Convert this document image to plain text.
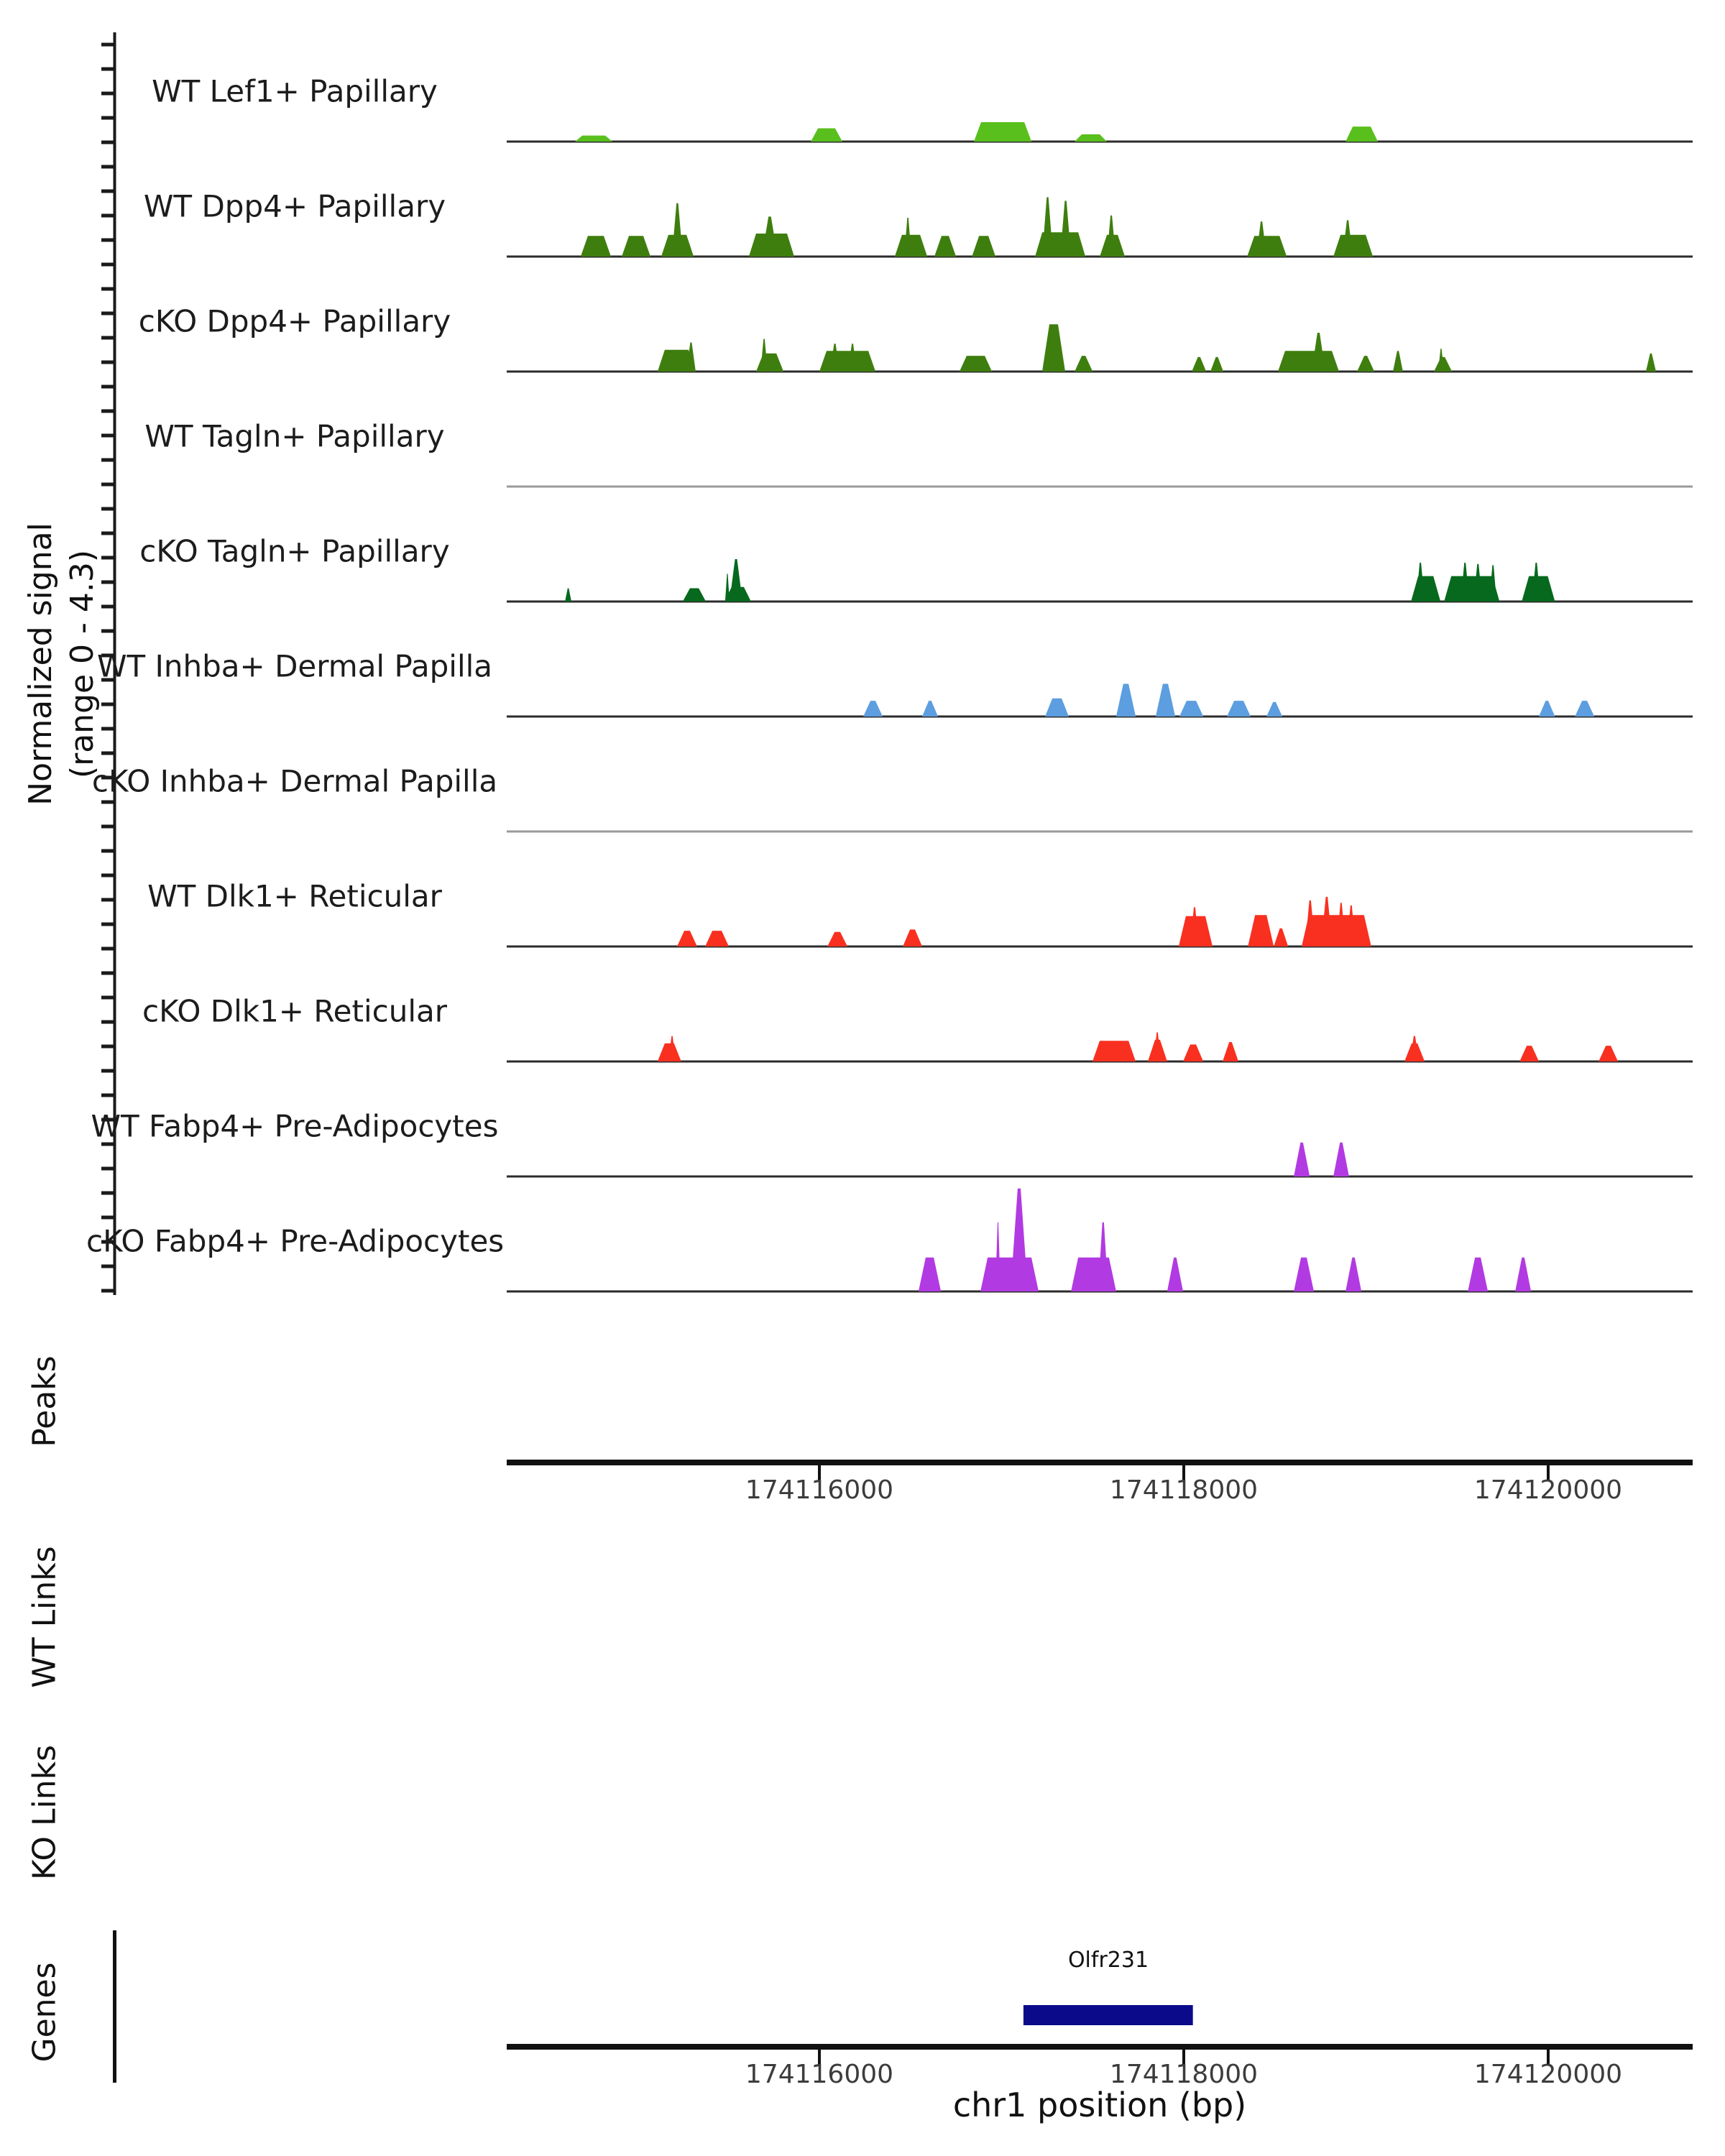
Normalized signal (range 0 - 4.3)
Peaks
WT Links
KO Links
Genes
Olfr231
chr1 position (bp)
WT Lef1+ Papillary
WT Dpp4+ Papillary
cKO Dpp4+ Papillary
WT Tagln+ Papillary
cKO Tagln+ Papillary
WT Inhba+ Dermal Papilla
cKO Inhba+ Dermal Papilla
WT Dlk1+ Reticular
cKO Dlk1+ Reticular
WT Fabp4+ Pre-Adipocytes
cKO Fabp4+ Pre-Adipocytes
174116000	174118000	174120000
174116000	174118000	174120000
